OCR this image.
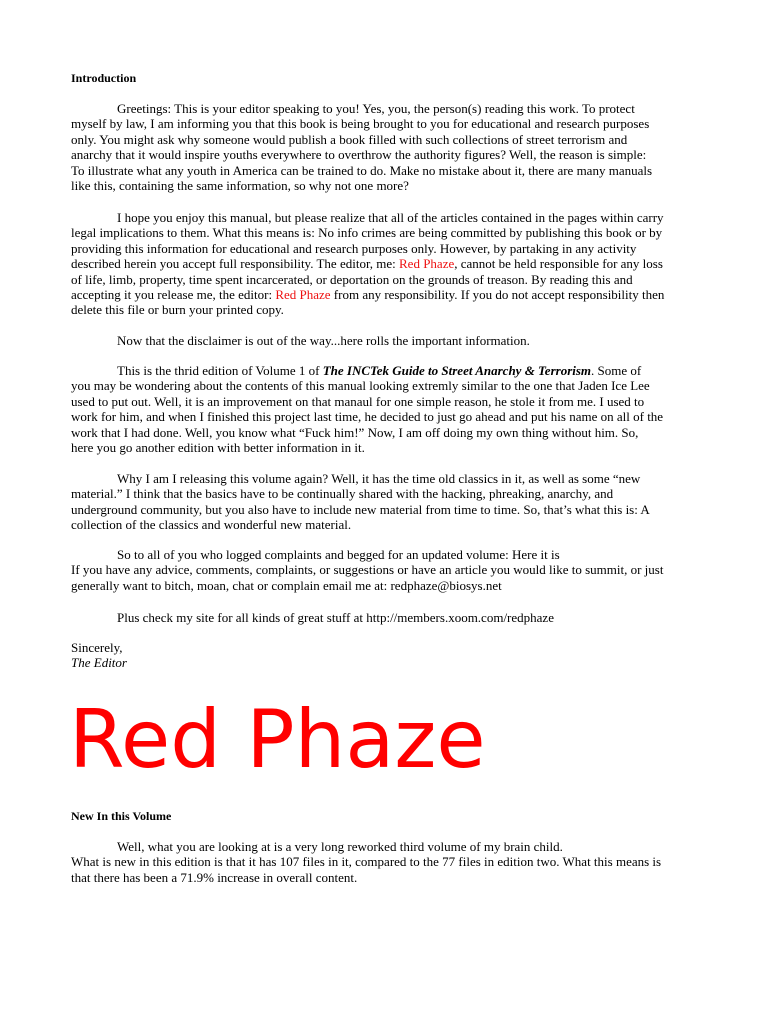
Introduction
Greetings: This is your editor speaking to you! Yes, you, the person(s) reading this work. To protect
myself by law, I am informing you that this book is being brought to you for educational and research purposes
only. You might ask why someone would publish a book filled with such collections of street terrorism and
anarchy that it would inspire youths everywhere to overthrow the authority figures? Well, the reason is simple:
To illustrate what any youth in America can be trained to do. Make no mistake about it, there are many manuals
like this, containing the same information, so why not one more?
I hope you enjoy this manual, but please realize that all of the articles contained in the pages within carry
legal implications to them. What this means is: No info crimes are being committed by publishing this book or by
providing this information for educational and research purposes only. However, by partaking in any activity
described herein you accept full responsibility. The editor, me: Red Phaze, cannot be held responsible for any loss
of life, limb, property, time spent incarcerated, or deportation on the grounds of treason. By reading this and
accepting it you release me, the editor: Red Phaze from any responsibility. If you do not accept responsibility then
delete this file or burn your printed copy.
Now that the disclaimer is out of the way...here rolls the important information.
This is the thrid edition of Volume 1 of The INCTek Guide to Street Anarchy & Terrorism. Some of
you may be wondering about the contents of this manual looking extremly similar to the one that Jaden Ice Lee
used to put out. Well, it is an improvement on that manaul for one simple reason, he stole it from me. I used to
work for him, and when I finished this project last time, he decided to just go ahead and put his name on all of the
work that I had done. Well, you know what “Fuck him!” Now, I am off doing my own thing without him. So,
here you go another edition with better information in it.
Why I am I releasing this volume again? Well, it has the time old classics in it, as well as some “new
material.” I think that the basics have to be continually shared with the hacking, phreaking, anarchy, and
underground community, but you also have to include new material from time to time. So, that’s what this is: A
collection of the classics and wonderful new material.
So to all of you who logged complaints and begged for an updated volume: Here it is
If you have any advice, comments, complaints, or suggestions or have an article you would like to summit, or just
generally want to bitch, moan, chat or complain email me at: redphaze@biosys.net
Plus check my site for all kinds of great stuff at http://members.xoom.com/redphaze
Sincerely,
The Editor
Red Phaze
New In this Volume
Well, what you are looking at is a very long reworked third volume of my brain child.
What is new in this edition is that it has 107 files in it, compared to the 77 files in edition two. What this means is
that there has been a 71.9% increase in overall content.
